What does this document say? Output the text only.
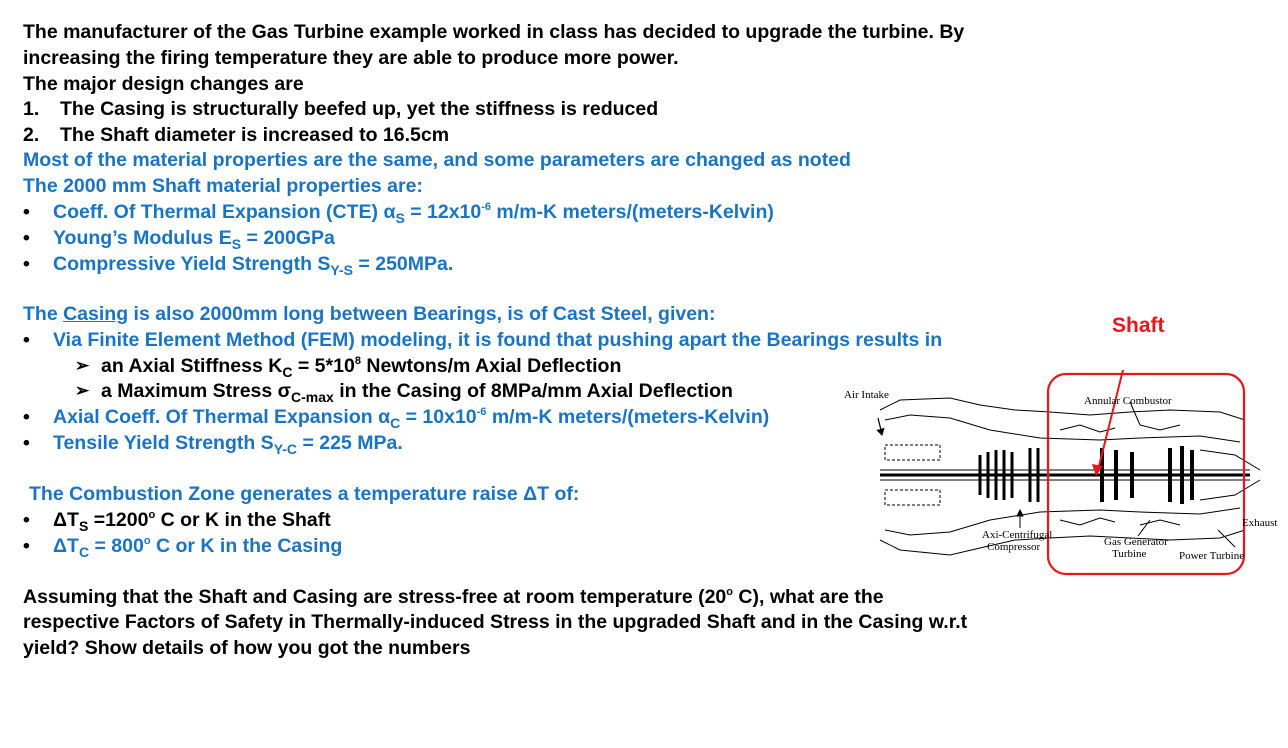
The manufacturer of the Gas Turbine example worked in class has decided to upgrade the turbine. By
increasing the firing temperature they are able to produce more power.
The major design changes are
1. The Casing is structurally beefed up, yet the stiffness is reduced
2. The Shaft diameter is increased to 16.5cm
Most of the material properties are the same, and some parameters are changed as noted
The 2000 mm Shaft material properties are:
• Coeff. Of Thermal Expansion (CTE) $\alpha_S = 12x10^{-6}$ m/m-K meters/(meters-Kelvin)
• Young’s Modulus $E_S = 200GPa$
• Compressive Yield Strength $S_{Y-S} = 250MPa$.
The Casing is also 2000mm long between Bearings, is of Cast Steel, given:
• Via Finite Element Method (FEM) modeling, it is found that pushing apart the Bearings results in
➢ an Axial Stiffness $K_C = 5*10^8$ Newtons/m Axial Deflection
➢ a Maximum Stress $\sigma_{C-max}$ in the Casing of 8MPa/mm Axial Deflection
• Axial Coeff. Of Thermal Expansion $\alpha_C = 10x10^{-6}$ m/m-K meters/(meters-Kelvin)
• Tensile Yield Strength $S_{Y-C} = 225$ MPa.
The Combustion Zone generates a temperature raise ΔT of:
• $\Delta T_S =1200^o$ C or K in the Shaft
• $\Delta T_C = 800^o$ C or K in the Casing
Assuming that the Shaft and Casing are stress-free at room temperature (20$^o$ C), what are the
respective Factors of Safety in Thermally-induced Stress in the upgraded Shaft and in the Casing w.r.t
yield? Show details of how you got the numbers
Shaft
Air Intake	Annular Combustor
Exhaust
Axi-Centrifugal
Compressor	Gas Generator
Turbine	Power Turbine
